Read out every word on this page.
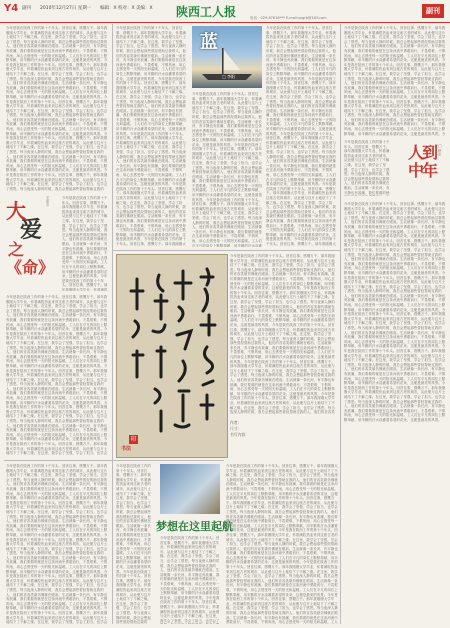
Y4 副刊 2010年12月27日 星期一 编辑：X 校对：X 美编：X 陕西工人报	副刊
电话：029-87618*** E-mail:sxgrb@163.com
今年是我在陕西工作的第十个年头。回首往事，感慨万千。那年我刚刚大学毕业，怀着满腔热血来到这座古老的城市，从此便与这片土地结下了不解之缘。在这里，我学会了坚强，学会了担当，也学会了感恩。每当夜深人静的时候，我总会想起那些曾经帮助过我的人，他们的音容笑貌仿佛就在眼前。生活就像一条长河，有平静也有波澜，我们要做的就是在这条河流中勇敢前行，不畏艰难，不惧风雨，用心去感受每一天的阳光和温暖。工人们在平凡的岗位上默默奉献，用辛勤的汗水浇灌着希望的花朵，这便是最美的风景。今年是我在陕西工作的第十个年头。回首往事，感慨万千。那年我刚刚大学毕业，怀着满腔热血来到这座古老的城市，从此便与这片土地结下了不解之缘。在这里，我学会了坚强，学会了担当，也学会了感恩。每当夜深人静的时候，我总会想起那些曾经帮助过我的人，他们的音容笑貌仿佛就在眼前。生活就像一条长河，有平静也有波澜，我们要做的就是在这条河流中勇敢前行，不畏艰难，不惧风雨，用心去感受每一天的阳光和温暖。工人们在平凡的岗位上默默奉献，用辛勤的汗水浇灌着希望的花朵，这便是最美的风景。今年是我在陕西工作的第十个年头。回首往事，感慨万千。那年我刚刚大学毕业，怀着满腔热血来到这座古老的城市，从此便与这片土地结下了不解之缘。在这里，我学会了坚强，学会了担当，也学会了感恩。每当夜深人静的时候，我总会想起那些曾经帮助过我的人，他们的音容笑貌仿佛就在眼前。生活就像一条长河，有平静也有波澜，我们要做的就是在这条河流中勇敢前行，不畏艰难，不惧风雨，用心去感受每一天的阳光和温暖。工人们在平凡的岗位上默默奉献，用辛勤的汗水浇灌着希望的花朵，这便是最美的风景。今年是我在陕西工作的第十个年头。回首往事，感慨万千。那年我刚刚大学毕业，怀着满腔热血来到这座古老的城市，从此便与这片土地结下了不解之缘。在这里，我学会了坚强，学会了担当，也学会了感恩。每当夜深人静的时候，我总会想起那些曾经帮助过我的人，他们的音容笑貌仿佛就在眼前。生活就像一条长河，有平静也有波澜，我们要做的就是在这条河流中勇敢前行，不畏艰难，不惧风雨，用心去感受每一天的阳光和温暖。工人们在平凡的岗位上默默奉献，用辛勤的汗水浇灌着希望的花朵，这便是最美的风景。今年是我在陕西工作的第十个年头。回首往事，感慨万千。那年我刚刚大学毕业，怀着满腔热血来到这座古老的城市，从此便与这片土地结下了不解之缘。在这里，我学会了坚强，学会了担当，也学会了感恩。每当夜深人静的时候，我总会想起那些曾经帮助过我的
大
爱
之
《命》
安康市	今年是我在陕西工作的第十个年头。回首往事，感慨万千。那年我刚刚大学毕业，怀着满腔热血来到这座古老的城市，从此便与这片土地结下了不解之缘。在这里，我学会了坚强，学会了担当，也学会了感恩。每当夜深人静的时候，我总会想起那些曾经帮助过我的人，他们的音容笑貌仿佛就在眼前。生活就像一条长河，有平静也有波澜，我们要做的就是在这条河流中勇敢前行，不畏艰难，不惧风雨，用心去感受每一天的阳光和温暖。工人们在平凡的岗位上默默奉献，用辛勤的汗水浇灌着希望的花朵，这便是最美的风景。今年是我在陕西工作的第十个年头。回首往事，感慨万千。那年我刚刚大学毕业，怀着满腔
今年是我在陕西工作的第十个年头。回首往事，感慨万千。那年我刚刚大学毕业，怀着满腔热血来到这座古老的城市，从此便与这片土地结下了不解之缘。在这里，我学会了坚强，学会了担当，也学会了感恩。每当夜深人静的时候，我总会想起那些曾经帮助过我的人，他们的音容笑貌仿佛就在眼前。生活就像一条长河，有平静也有波澜，我们要做的就是在这条河流中勇敢前行，不畏艰难，不惧风雨，用心去感受每一天的阳光和温暖。工人们在平凡的岗位上默默奉献，用辛勤的汗水浇灌着希望的花朵，这便是最美的风景。今年是我在陕西工作的第十个年头。回首往事，感慨万千。那年我刚刚大学毕业，怀着满腔热血来到这座古老的城市，从此便与这片土地结下了不解之缘。在这里，我学会了坚强，学会了担当，也学会了感恩。每当夜深人静的时候，我总会想起那些曾经帮助过我的人，他们的音容笑貌仿佛就在眼前。生活就像一条长河，有平静也有波澜，我们要做的就是在这条河流中勇敢前行，不畏艰难，不惧风雨，用心去感受每一天的阳光和温暖。工人们在平凡的岗位上默默奉献，用辛勤的汗水浇灌着希望的花朵，这便是最美的风景。今年是我在陕西工作的第十个年头。回首往事，感慨万千。那年我刚刚大学毕业，怀着满腔热血来到这座古老的城市，从此便与这片土地结下了不解之缘。在这里，我学会了坚强，学会了担当，也学会了感恩。每当夜深人静的时候，我总会想起那些曾经帮助过我的人，他们的音容笑貌仿佛就在眼前。生活就像一条长河，有平静也有波澜，我们要做的就是在这条河流中勇敢前行，不畏艰难，不惧风雨，用心去感受每一天的阳光和温暖。工人们在平凡的岗位上默默奉献，用辛勤的汗水浇灌着希望的花朵，这便是最美的风景。今年是我在陕西工作的第十个年头。回首往事，感慨万千。那年我刚刚大学毕业，怀着满腔热血来到这座古老的城市，从此便与这片土地结下了不解之缘。在这里，我学会了坚强，学会了担当，也学会了感恩。每当夜深人静的时候，我总会想起那些曾经帮助过我的人，他们的音容笑貌仿佛就在眼前。生活就像一条长河，有平静也有波澜，我们要做的就是在这条河流中勇敢前行，不畏艰难，不惧风雨，用心去感受每一天的阳光和温暖。工人们在平凡的岗位上默默奉献，用辛勤的汗水浇灌着希望的花朵，这便是最美的风景。今年是我在陕西工作的第十个年头。回首往事，感慨万千。那年我刚刚大学毕业，怀着满腔热血来到这座古老的城市，从此便与这片土地结下了不解之缘。在这里，我学会了坚强，学会了担当，也学会
今年是我在陕西工作的第十个年头。回首往事，感慨万千。那年我刚刚大学毕业，怀着满腔热血来到这座古老的城市，从此便与这片土地结下了不解之缘。在这里，我学会了坚强，学会了担当，也学会了感恩。每当夜深人静的时候，我总会想起那些曾经帮助过我的人，他们的音容笑貌仿佛就在眼前。生活就像一条长河，有平静也有波澜，我们要做的就是在这条河流中勇敢前行，不畏艰难，不惧风雨，用心去感受每一天的阳光和温暖。工人们在平凡的岗位上默默奉献，用辛勤的汗水浇灌着希望的花朵，这便是最美的风景。今年是我在陕西工作的第十个年头。回首往事，感慨万千。那年我刚刚大学毕业，怀着满腔热血来到这座古老的城市，从此便与这片土地结下了不解之缘。在这里，我学会了坚强，学会了担当，也学会了感恩。每当夜深人静的时候，我总会想起那些曾经帮助过我的人，他们的音容笑貌仿佛就在眼前。生活就像一条长河，有平静也有波澜，我们要做的就是在这条河流中勇敢前行，不畏艰难，不惧风雨，用心去感受每一天的阳光和温暖。工人们在平凡的岗位上默默奉献，用辛勤的汗水浇灌着希望的花朵，这便是最美的风景。今年是我在陕西工作的第十个年头。回首往事，感慨万千。那年我刚刚大学毕业，怀着满腔热血来到这座古老的城市，从此便与这片土地结下了不解之缘。在这里，我学会了坚强，学会了担当，也学会了感恩。每当夜深人静的时候，我总会想起那些曾经帮助过我的人，他们的音容笑貌仿佛就在眼前。生活就像一条长河，有平静也有波澜，我们要做的就是在这条河流中勇敢前行，不畏艰难，不惧风雨，用心去感受每一天的阳光和温暖。工人们在平凡的岗位上默默奉献，用辛勤的汗水浇灌着希望的花朵，这便是最美的风景。今年是我在陕西工作的第十个年头。回首往事，感慨万千。那年我刚刚大学毕业，怀着满腔热血来到这座古老的城市，从此便与这片土地结下了不解之缘。在这里，我学会了坚强，学会了担当，也学会了感恩。每当夜深人静的时候，我总会想起那些曾经帮助过我的人，他们的音容笑貌仿佛就在眼前。生活就像一条长河，有平静也有波澜，我们要做的就是在这条河流中勇敢前行，不畏艰难，不惧风雨，用心去感受每一天的阳光和温暖。工人们在平凡的岗位上默默奉献，用辛勤的汗水浇灌着希望的花朵，这便是最美的风景。今年是我在陕西工作的第十个年头。回首往事，感慨万千。那年我刚刚大学毕业，怀着满腔热血来到这座古老的城市，从此便与这片土地结下了不解之缘。在这里，我学会了坚强，学会了担当，也学会
今年是我在陕西工作的第十个年头。回首往事，感慨万千。那年我刚刚大学毕业，怀着满腔热血来到这座古老的城市，从此便与这片土地结下了不解之缘。在这里，我学会了坚强，学会了担当，也学会了感恩。每当夜深人静的时候，我总会想起那些曾经帮助过我的人，他们的音容笑貌仿佛就在眼前。生活就像一条长河，有平静也有波澜，我们要做的就是在这条河流中勇敢前行，不畏艰难，不惧风雨，用心去感受每一天的阳光和温暖。工人们在平凡的岗位上默默奉献，用辛勤的汗水浇灌着希望的花朵，这便是最美的风景。今年是我在陕西工作的第十个年头。回首往事，感慨万千。那年我刚刚大学毕业，怀着满腔热血来到这座古老的城市，从此便与这片土地结下了不解之缘。在这里，我学会了坚强，学会了担当，也学会了感恩。每当夜深人静的时候，我总会想起那些曾经帮助过我的人，他们的音容笑貌仿佛就在眼前。生活就像一条长河，有平静也有波澜，我们要做的就是在这条河流中勇敢前行，不畏艰难，不惧风雨，用心去感受每一天的阳光和温暖。工人们在平凡的岗位上默默奉献，用辛勤的汗水浇灌着希望的花朵，这便是最美的风景。今年是我在陕西工作的第十个年头。回首往事，感慨万千。那年我刚刚大学毕业，怀着满腔热血来到这座古老的城市，从此便与这片土地结下了不解之缘。在这里，我学会了坚强，学会了担当，也学会了感恩。每当夜深人静的时候，我总会想起那些曾经帮助过我的人，他们的音容笑貌仿佛就在眼前。生活就像一条长河，有平静也有波澜，我们要做的就是在这条河流中勇敢前行，不畏艰难，不惧风雨，用心去感受每一天的阳光和温暖。工人们在平凡的岗位上默默奉献，用辛勤的汗水浇灌着希望的花朵，这便是最美的风景。今年是我在陕西工作的第十个年头。回首往事，感慨万千。那年我刚刚大学毕业，怀着满腔热血来到这座古老的城市，从此便与这片土地结下了不解之缘。在这里，我学会了坚强，学会了担当，也学会了感恩。每当夜深人静的时候，我总会想起那些曾经帮助过我的人，他们的音容笑貌仿佛就在眼前。生活就像一条长河，有平静也有波澜，我们要做的就是在这条河流中勇敢前行，不畏艰难，不惧风雨，用心去感受每一天的阳光和温暖。工人们在平凡的岗位上默默奉献，用辛勤的汗水浇灌着希望的花朵，这便是最美的风景。今年是我在陕西工作的第十个年头。回首往事，感慨万千。那年我刚刚大
蓝
□ 李阳
今年是我在陕西工作的第十个年头。回首往事，感慨万千。那年我刚刚大学毕业，怀着满腔热血来到这座古老的城市，从此便与这片土地结下了不解之缘。在这里，我学会了坚强，学会了担当，也学会了感恩。每当夜深人静的时候，我总会想起那些曾经帮助过我的人，他们的音容笑貌仿佛就在眼前。生活就像一条长河，有平静也有波澜，我们要做的就是在这条河流中勇敢前行，不畏艰难，不惧风雨，用心去感受每一天的阳光和温暖。工人们在平凡的岗位上默默奉献，用辛勤的汗水浇灌着希望的花朵，这便是最美的风景。今年是我在陕西工作的第十个年头。回首往事，感慨万千。那年我刚刚大学毕业，怀着满腔热血来到这座古老的城市，从此便与这片土地结下了不解之缘。在这里，我学会了坚强，学会了担当，也学会了感恩。每当夜深人静的时候，我总会想起那些曾经帮助过我的人，他们的音容笑貌仿佛就在眼前。生活就像一条长河，有平静也有波澜，我们要做的就是在这条河流中勇敢前行，不畏艰难，不惧风雨，用心去感受每一天的阳光和温暖。工人们在平凡的岗位上默默奉献，用辛勤的汗水浇灌着希望的花朵，这便是最美的风景。今年是我在陕西工作的第十个年头。回首往事，感慨万千。那年我刚刚大学毕业，怀着满腔热血来到这座古老的城市，从此便与这片土地结下了不解之缘。在这里，我学会了坚强，学会了担当，也学会了感恩。每当夜深人静的时候，我总会想起那些曾经帮助过我的人，他们的音容笑貌仿佛就在眼前。生活就像一条长河，有平静也有波澜，我们要做的就是在这条河流中勇敢前行，不畏艰难，不惧风雨，用心去感受每一天的阳光和温暖。工人们在平凡的岗位上默默奉献，用辛勤的汗水浇灌
今年是我在陕西工作的第十个年头。回首往事，感慨万千。那年我刚刚大学毕业，怀着满腔热血来到这座古老的城市，从此便与这片土地结下了不解之缘。在这里，我学会了坚强，学会了担当，也学会了感恩。每当夜深人静的时候，我总会想起那些曾经帮助过我的人，他们的音容笑貌仿佛就在眼前。生活就像一条长河，有平静也有波澜，我们要做的就是在这条河流中勇敢前行，不畏艰难，不惧风雨，用心去感受每一天的阳光和温暖。工人们在平凡的岗位上默默奉献，用辛勤的汗水浇灌着希望的花朵，这便是最美的风景。今年是我在陕西工作的第十个年头。回首往事，感慨万千。那年我刚刚大学毕业，怀着满腔热血来到这座古老的城市，从此便与这片土地结下了不解之缘。在这里，我学会了坚强，学会了担当，也学会了感恩。每当夜深人静的时候，我总会想起那些曾经帮助过我的人，他们的音容笑貌仿佛就在眼前。生活就像一条长河，有平静也有波澜，我们要做的就是在这条河流中勇敢前行，不畏艰难，不惧风雨，用心去感受每一天的阳光和温暖。工人们在平凡的岗位上默默奉献，用辛勤的汗水浇灌着希望的花朵，这便是最美的风景。今年是我在陕西工作的第十个年头。回首往事，感慨万千。那年我刚刚大学毕业，怀着满腔热血来到这座古老的城市，从此便与这片土地结下了不解之缘。在这里，我学会了坚强，学会了担当，也学会了感恩。每当夜深人静的时候，我总会想起那些曾经帮助过我的人，他们的音容笑貌仿佛就在眼前。生活就像一条长河，有平静也有波澜，我们要做的就是在这条河流中勇敢前行，不畏艰难，不惧风雨，用心去感受每一天的阳光和温暖。工人们在平凡的岗位上默默奉献，用辛勤的汗水浇灌着希望的花朵，这便是最美的风景。今年是我在陕西工作的第十个年头。回首往事，感慨万千。那年我刚刚大学毕业，怀着满腔热血来到这座古老的城市，从此便与这片土地结下了不解之缘。在这里，我学会了坚强，学会了担当，也学会了感恩。每当夜深人静的时候，我总会想起那些曾经帮助过我的人，他们的音容笑貌仿佛就在眼前。生活就像一条长河，有平静也有波澜，我们要做的就是在这条河流中勇敢前行，不畏艰难，不惧风雨，用心去感受每一天的阳光和温暖。工人们在平凡的岗位上默默奉献，用辛勤的汗水浇灌着希望的花朵，这便是最美的风景。今年是我在陕西工作的第十个年头。回首往事，感慨万千。那年我刚刚大
印
书法
作者：
尺寸：
书写内容：
今年是我在陕西工作的第十个年头。回首往事，感慨万千。那年我刚刚大学毕业，怀着满腔热血来到这座古老的城市，从此便与这片土地结下了不解之缘。在这里，我学会了坚强，学会了担当，也学会了感恩。每当夜深人静的时候，我总会想起那些曾经帮助过我的人，他们的音容笑貌仿佛就在眼前。生活就像一条长河，有平静也有波澜，我们要做的就是在这条河流中勇敢前行，不畏艰难，不惧风雨，用心去感受每一天的阳光和温暖。工人们在平凡的岗位上默默奉献，用辛勤的汗水浇灌着希望的花朵，这便是最美的风景。今年是我在陕西工作的第十个年头。回首往事，感慨万千。那年我刚刚大学毕业，怀着满腔热血来到这座古老的城市，从此便与这片土地结下了不解之缘。在这里，我学会了坚强，学会了担当，也学会了感恩。每当夜深人静的时候，我总会想起那些曾经帮助过我的人，他们的音容笑貌仿佛就在眼前。生活就像一条长河，有平静也有波澜，我们要做的就是在这条河流中勇敢前行，不畏艰难，不惧风雨，用心去感受每一天的阳光和温暖。工人们在平凡的岗位上默默奉献，用辛勤的汗水浇灌着希望的花朵，这便是最美的风景。今年是我在陕西工作的第十个年头。回首往事，感慨万千。那年我刚刚大学毕业，怀着满腔热血来到这座古老的城市，从此便与这片土地结下了不解之缘。在这里，我学会了坚强，学会了担当，也学会了感恩。每当夜深人静的时候，我总会想起那些曾经帮助过我的人，他们的音容笑貌仿佛就在眼前。生活就像一条长河，有平静也有波澜，我们要做的就是在这条河流中勇敢前行，不畏艰难，不惧风雨，用心去感受每一天的阳光和温暖。工人们在平凡的岗位上默默奉献，用辛勤的汗水浇灌着希望的花朵，这便是最美的风景。今年是我在陕西工作的第十个年头。回首往事，感慨万千。那年我刚刚大学毕业，怀着满腔热血来到这座古老的城市，从此便与这片土地结下了不解之缘。在这里，我学会了坚强，学会了担当，也学会了感恩。每当夜深人静的时候，我总会想起那些曾经帮助过我的人，他们的音容笑貌仿佛就在眼前。生活就像一条长河，有平静也有波澜，我们要做的就是在这条河流中勇敢前行，不畏艰难，不惧风雨，用心去感受每一天的阳光和温暖。工人们在平凡的岗位上默默奉献，用辛勤的汗水浇灌着希望的花朵，这便是最美的风景。今年是我在陕西工作的第十个年头。回首往事，感慨万千。那年我刚刚大学毕业，怀着满腔热血来到这座古老的城市，从此便与这片土地结下了不解之缘。在这里，我学会了坚强，学会了担当，也学会了感恩。每当夜深人静的时候，我总会想起那些曾经帮助过我的人，他们的音容笑
今年是我在陕西工作的第十个年头。回首往事，感慨万千。那年我刚刚大学毕业，怀着满腔热血来到这座古老的城市，从此便与这片土地结下了不解之缘。在这里，我学会了坚强，学会了担当，也学会了感恩。每当夜深人静的时候，我总会想起那些曾经帮助过我的人，他们的音容笑貌仿佛就在眼前。生活就像一条长河，有平静也有波澜，我们要做的就是在这条河流中勇敢前行，不畏艰难，不惧风雨，用心去感受每一天的阳光和温暖。工人们在平凡的岗位上默默奉献，用辛勤的汗水浇灌着希望的花朵，这便是最美的风景。今年是我在陕西工作的第十个年头。回首往事，感慨万千。那年我刚刚大学毕业，怀着满腔热血来到这座古老的城市，从此便与这片土地结下了不解之缘。在这里，我学会了坚强，学会了担当，也学会了感恩。每当夜深人静的时候，我总会想起那些曾经帮助过我的
梦想在这里起航
今年是我在陕西工作的第十个年头。回首往事，感慨万千。那年我刚刚大学毕业，怀着满腔热血来到这座古老的城市，从此便与这片土地结下了不解之缘。在这里，我学会了坚强，学会了担当，也学会了感恩。每当夜深人静的时候，我总会想起那些曾经帮助过我的人，他们的音容笑貌仿佛就在眼前。生活就像一条长河，有平静也有波澜，我们要做的就是在这条河流中勇敢前行，不畏艰难，不惧风雨，用心去感受每一天的阳光和温暖。工人们在平凡的岗位上默默奉献，用辛勤的汗水浇灌着希望的花朵，这便是最美的风景。今年是我在陕西工作的第十个年头。回首往事，感慨万千。那年我刚刚大学毕业，怀着满腔热血来到这座古老的城市，从此便与这片土地结下了不解之缘。在这里，我学会了坚强，学会了担当，也学会了
今年是我在陕西工作的第十个年头。回首往事，感慨万千。那年我刚刚大学毕业，怀着满腔热血来到这座古老的城市，从此便与这片土地结下了不解之缘。在这里，我学会了坚强，学会了担当，也学会了感恩。每当夜深人静的时候，我总会想起那些曾经帮助过我的人，他们的音容笑貌仿佛就在眼前。生活就像一条长河，有平静也有波澜，我们要做的就是在这条河流中勇敢前行，不畏艰难，不惧风雨，用心去感受每一天的阳光和温暖。工人们在平凡的岗位上默默奉献，用辛勤的汗水浇灌着希望的花朵，这便是最美的风景。今年是我在陕西工作的第十个年头。回首往事，感慨万千。那年我刚刚大学毕业，怀着满腔热血来到这座古老的城市，从此便与这片土地结下了不解之缘。在这里，我学会了坚强，学会了担当，也学会了感恩。每当夜深人静的时候，我总会想起那些曾经帮助过我的人，他们的音容笑貌仿佛就在眼前。生活就像一条长河，有平静也有波澜，我们要做的就是在这条河流中勇敢前行，不畏艰难，不惧风雨，用心去感受每一天的阳光和温暖。工人们在平凡的岗位上默默奉献，用辛勤的汗水浇灌着希望的花朵，这便是最美的风景。今年是我在陕西工作的第十个年头。回首往事，感慨万千。那年我刚刚大学毕业，怀着满腔热血来到这座古老的城市，从此便与这片土地结下了不解之缘。在这里，我学会了坚强，学会了担当，也学会了感恩。每当夜深人静的时候，我总会想起那些曾经帮助过我的人，他们的音容笑貌仿佛就在眼前。生活就像一条长河，有平静也有波澜，我们要做的就是在这条河流中勇敢前行，不畏艰难，不惧风雨，用心去感受每一天的阳光和温暖。工人们在平凡的岗位上默默奉献，用辛勤的汗水浇灌着希望的花朵，这便是最美的风景。今年是我在陕西工作的第十个年头。回首往事，感慨万千。那年我刚刚大学毕业，怀着满腔热血来到这座古老的城市，从此便与这片土地结下了不解之缘。在这里，我学会了坚强，学会了担当，也学会了感恩。每当夜深人静的时候，我总会想起那些曾经帮助过我的人，他们的音容笑貌仿佛就在眼前。生活就像一条长河，有平静也有波澜，我们要做的就是在这条河流中勇敢前行，不畏艰难，不惧风雨，用心去感受每一天的阳光和温暖。工人们在平凡的岗位上默默奉献，用辛勤的汗水浇灌着希望的花朵，这便是最美的风景。今年是我在陕西工作的第十个年头。回首往事，感慨万千。那年我刚刚大学毕业，怀着满腔热血来到这座古老的城市，从此便与这片土地结下了不解之缘。在这里，我学会了坚强，学会了担当，也学会了感恩。每当夜深人静的时候，我总会想起那些曾经帮助过我的人，他们的音容笑貌仿佛就在眼前。生活就像一条长河，有平静也有波澜，我们要做的就是在这条河流中勇敢前行，不畏艰难，不惧风雨，用心去感受每一天的阳光和温暖。工人
今年是我在陕西工作的第十个年头。回首往事，感慨万千。那年我刚刚大学毕业，怀着满腔热血来到这座古老的城市，从此便与这片土地结下了不解之缘。在这里，我学会了坚强，学会了担当，也学会了感恩。每当夜深人静的时候，我总会想起那些曾经帮助过我的人，他们的音容笑貌仿佛就在眼前。生活就像一条长河，有平静也有波澜，我们要做的就是在这条河流中勇敢前行，不畏艰难，不惧风雨，用心去感受每一天的阳光和温暖。工人们在平凡的岗位上默默奉献，用辛勤的汗水浇灌着希望的花朵，这便是最美的风景。今年是我在陕西工作的第十个年头。回首往事，感慨万千。那年我刚刚大学毕业，怀着满腔热血来到这座古老的城市，从此便与这片土地结下了不解之缘。在这里，我学会了坚强，学会了担当，也学会了感恩。每当夜深人静的时候，我总会想起那些曾经帮助过我的人，他们的音容笑貌仿佛就在眼前。生活就像一条长河，有平静也有波澜，我们要做的就是在这条河流中勇敢前行，不畏艰难，不惧风雨，用心去感受每一天的阳光和温暖。工人们在平凡的岗位上默默奉献，用辛勤的汗水浇灌着希望的花朵，这便是最美的风景。今年是我在陕西工作的第十个年头。回首往事，感慨万千。那年我刚刚大学毕业，怀着满腔热血来到这座古老的城市，从此便与这片土地结下了不解之缘。在这里，我学会了坚强，学会了担当，也学会了感恩。每当夜深人静的时候，我总会想起那些曾经帮助过我的人，他们的音容笑貌仿佛就在眼前。生活就像一条长河，有平静也有波澜，我们要做的就是在这条河流中勇敢前行，不畏艰难，不惧风雨，用心去感受每一天的阳光和温暖。工人们在平凡的岗位上默默奉献，用辛勤的汗水浇灌着希望的花朵，这便是最美的风景。今
今年是我在陕西工作的第十个年头。回首往事，感慨万千。那年我刚刚大学毕业，怀着满腔热血来到这座古老的城市，从此便与这片土地结下了不解之缘。在这里，我学会了坚强，学会了担当，也学会了感恩。每当夜深人静的时候，我总会想起那些曾经帮助过我的人，他们的音容笑貌仿佛就在眼前。生活就像一条长河，有平静也有波澜，我们要做的就
人
到
中
年
□ 秋水
今年是我在陕西工作的第十个年头。回首往事，感慨万千。那年我刚刚大学毕业，怀着满腔热血来到这座古老的城市，从此便与这片土地结下了不解之缘。在这里，我学会了坚强，学会了担当，也学会了感恩。每当夜深人静的时候，我总会想起那些曾经帮助过我的人，他们的音容笑貌仿佛就在眼前。生活就像一条长河，有平静也有波澜，我们要做的就是在这条河流中勇敢前行，不畏艰难，不惧风雨，用心去感受每一天的阳光和温暖。工人们在平凡的岗位上默默奉献，用辛勤的汗水浇灌着希望的花朵，这便是最美的风景。今年是我在陕西工作的第十个年头。回首往事，感慨万千。那年我刚刚大学毕业，怀着满腔热血来到这座古老的城市，从此便与这片土地结下了不解之缘。在这里，我学会了坚强，学会了担当，也学会了感恩。每当夜深人静的时候，我总会想起那些曾经帮助过我的人，他们的音容笑貌仿佛就在眼前。生活就像一条长河，有平静也有波澜，我们要做的就是在这条河流中勇敢前行，不畏艰难，不惧风雨，用心去感受每一天的阳光和温暖。工人们在平凡的岗位上默默奉献，用辛勤的汗水浇灌着希望的花朵，这便是最美的风景。今年是我在陕西工作的第十个年头。回首往事，感慨万千。那年我刚刚大学毕业，怀着满腔热血来到这座古老的城市，从此便与这片土地结下了不解之缘。在这里，我学会了坚强，学会了担当，也学会了感恩。每当夜深人静的时候，我总会想起那些曾经帮助过我的人，他们的音容笑貌仿佛就在眼前。生活就像一条长河，有平静也有波澜，我们要做的就是在这条河流中勇敢前行，不畏艰难，不惧风雨，用心去感受每一天的阳光和温暖。工人们在平凡的岗位上默默奉献，用辛勤的汗水浇灌着希望的花朵，这便是最美的风景。今年是我在陕西工作的第十个年头。回首往事，感慨万千。那年我刚刚大学毕业，怀着满腔热血来到这座古老的城市，从此便与这片土地结下了不解之缘。在这里，我学会了坚强，学会了担当，也学会了感恩。每当夜深人静的时候，我总会想起那些曾经帮助过我的人，他们的音容笑貌仿佛就在眼前。生活就像一条长河，有平静也有波澜，我们要做的就是在这条河流中勇敢前行，不畏艰难，不惧风雨，用心去感受每一天的阳光和温暖。工人们在平凡的岗位上默默奉献，用辛勤的汗水浇灌着希望的花朵，这便是最美的风景。今年是我在陕西工作的第十个年头。回首往事，感慨万千。那年我刚刚大学毕业，怀着满腔热血来到这座古老的城市，从此便与这片土地结下了不解之缘。在这里，我学会了坚强，学会了担当，也学会了感恩。每当夜深人静的时候，我总会想起那些曾经帮助过我的人，他们的音容笑貌仿佛就在眼前。生活就像一条长河，有平静也有波澜，我们要做的就是在这条河流中勇敢前行，不畏艰难，不惧风雨，用心去感受每一天的阳光和温暖。工人们在平凡的岗位上默默奉献，用辛勤的汗水浇灌着希望的花朵，这便是最美的风景。今年是我在陕西工作的第十个年头。回首往事，感慨万千。那年我刚刚大学毕业，怀着满腔热血来到这座古老的城市，从此便与这片土地结下了不解之缘。在这里，我学会了坚强，学会了担当，也学会了感恩。每当夜深人静的时候，我总会想起那些曾经帮助过我的人，他们的音容笑貌仿佛就在眼前。生活就像一条长河，有平静也有波澜，我们要做的就是在这条河流中勇敢前行，不畏艰难，不惧风雨，用心去感受每一天的阳光和温暖。工人们在平凡的岗位上默默奉献，用辛勤的汗水浇灌着希望的花朵，这便是最美的风景。
